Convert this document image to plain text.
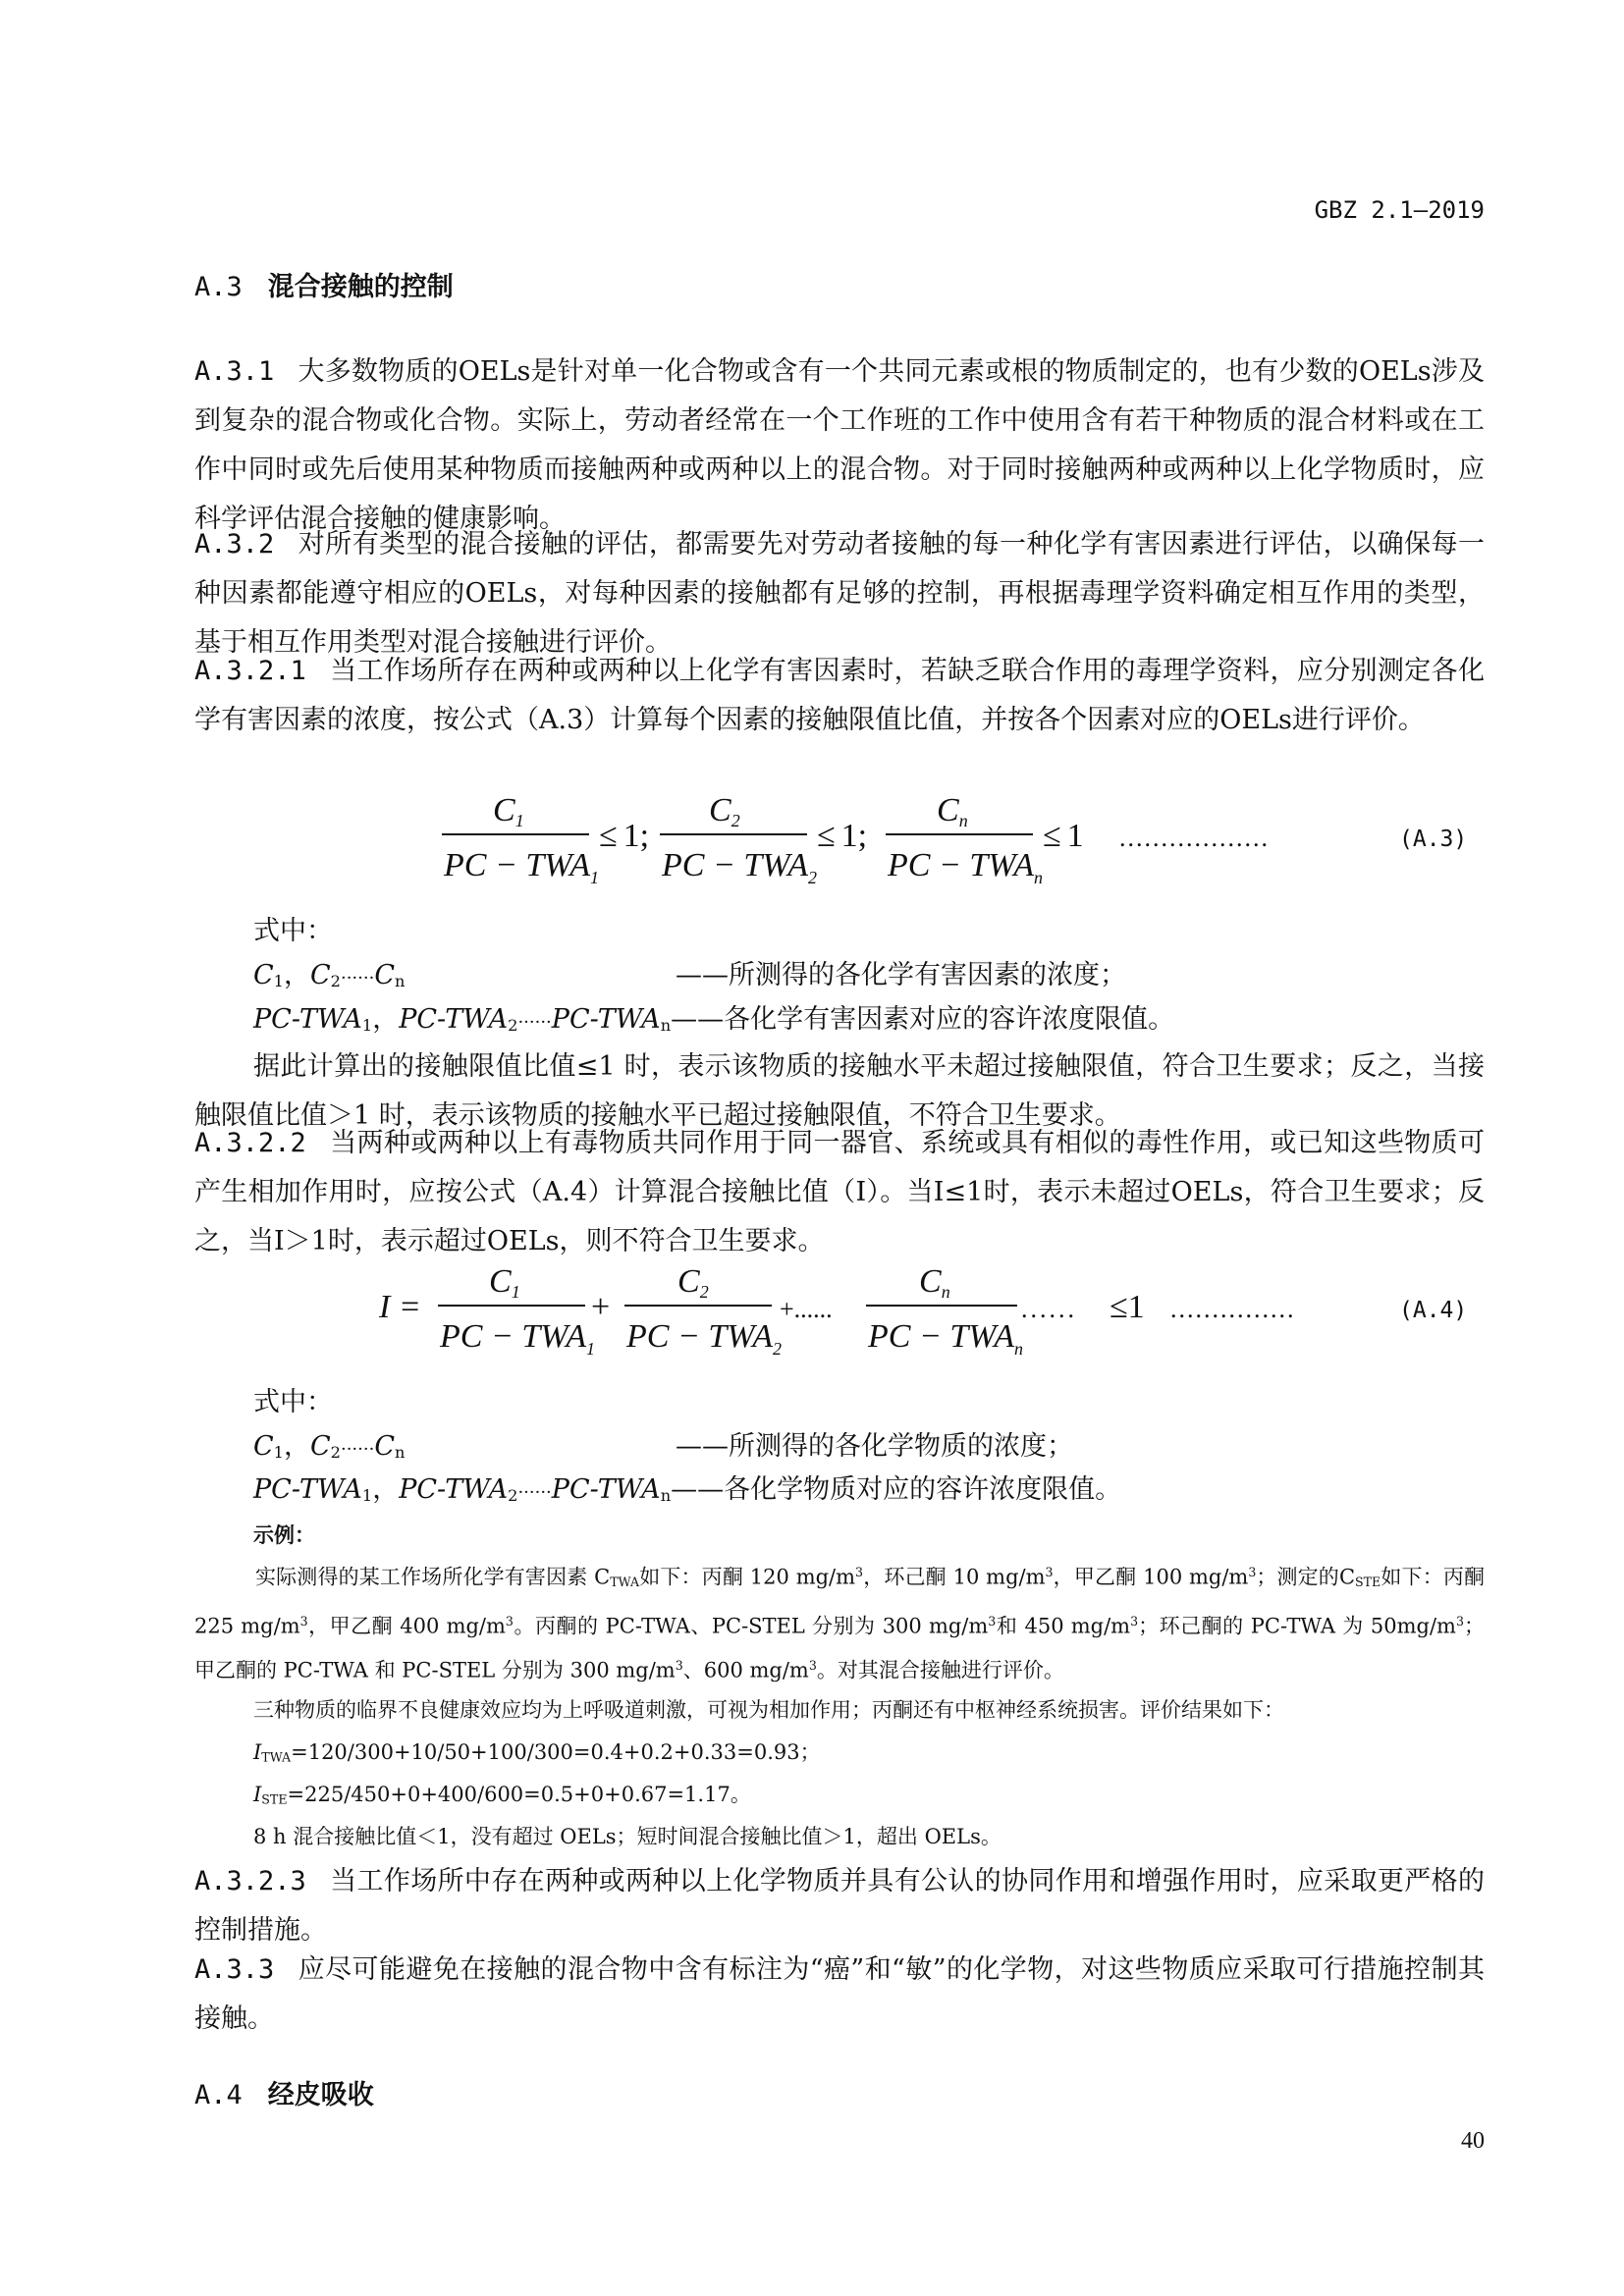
GBZ 2.1—2019
A.3 混合接触的控制
A.3.1 大多数物质的OELs是针对单一化合物或含有一个共同元素或根的物质制定的，也有少数的OELs涉及到复杂的混合物或化合物。实际上，劳动者经常在一个工作班的工作中使用含有若干种物质的混合材料或在工作中同时或先后使用某种物质而接触两种或两种以上的混合物。对于同时接触两种或两种以上化学物质时，应科学评估混合接触的健康影响。
A.3.2 对所有类型的混合接触的评估，都需要先对劳动者接触的每一种化学有害因素进行评估，以确保每一种因素都能遵守相应的OELs，对每种因素的接触都有足够的控制，再根据毒理学资料确定相互作用的类型，基于相互作用类型对混合接触进行评价。
A.3.2.1 当工作场所存在两种或两种以上化学有害因素时，若缺乏联合作用的毒理学资料，应分别测定各化学有害因素的浓度，按公式（A.3）计算每个因素的接触限值比值，并按各个因素对应的OELs进行评价。
C1
PC − $TWA_1$
≤ 1;
C2
PC − $TWA_2$
≤ 1;
Cn
PC − $TWA_n$
≤ 1 ..................	(A.3)
式中：
$C_1$，$C_2\cdot\cdot\cdot\cdot\cdot\cdot C_n$	——所测得的各化学有害因素的浓度；
$PC-TWA_1$，$PC-TWA_2\cdot\cdot\cdot\cdot\cdot\cdot PC-TWA_n——$各化学有害因素对应的容许浓度限值。
据此计算出的接触限值比值≤1 时，表示该物质的接触水平未超过接触限值，符合卫生要求；反之，当接触限值比值＞1 时，表示该物质的接触水平已超过接触限值，不符合卫生要求。
A.3.2.2 当两种或两种以上有毒物质共同作用于同一器官、系统或具有相似的毒性作用，或已知这些物质可产生相加作用时，应按公式（A.4）计算混合接触比值（I）。当I≤1时，表示未超过OELs，符合卫生要求；反之，当I＞1时，表示超过OELs，则不符合卫生要求。
I =
C1
PC − $TWA_1$
+
C2
PC − $TWA_2$
+......
Cn
PC − $TWA_n$
...... ≤1 ...............	(A.4)
式中：
$C_1$，$C_2\cdot\cdot\cdot\cdot\cdot\cdot C_n$	——所测得的各化学物质的浓度；
$PC-TWA_1$，$PC-TWA_2\cdot\cdot\cdot\cdot\cdot\cdot PC-TWA_n——$各化学物质对应的容许浓度限值。
示例：
实际测得的某工作场所化学有害因素 $C_{TWA}$如下：丙酮 120 $mg/m^3$，环己酮 10 $mg/m^3$，甲乙酮 100 $mg/m^3$；测定的$C_{STE}$如下：丙酮 225 $mg/m^3$，甲乙酮 400 $mg/m^3$。丙酮的 PC-TWA、PC-STEL 分别为 300 $mg/m^3$和 450 $mg/m^3$；环己酮的 PC-TWA 为 $50mg/m^3$；甲乙酮的 PC-TWA 和 PC-STEL 分别为 300 $mg/m^3$、600 $mg/m^3$。对其混合接触进行评价。
三种物质的临界不良健康效应均为上呼吸道刺激，可视为相加作用；丙酮还有中枢神经系统损害。评价结果如下：
$I_{TWA}=120/300+10/50+100/300=0.4+0.2+0.33=0.93$；
$I_{STE}=225/450+0+400/600=0.5+0+0.67=1.17$。
8 h 混合接触比值＜1，没有超过 OELs；短时间混合接触比值＞1，超出 OELs。
A.3.2.3 当工作场所中存在两种或两种以上化学物质并具有公认的协同作用和增强作用时，应采取更严格的控制措施。
A.3.3 应尽可能避免在接触的混合物中含有标注为“癌”和“敏”的化学物，对这些物质应采取可行措施控制其接触。
A.4 经皮吸收
40
